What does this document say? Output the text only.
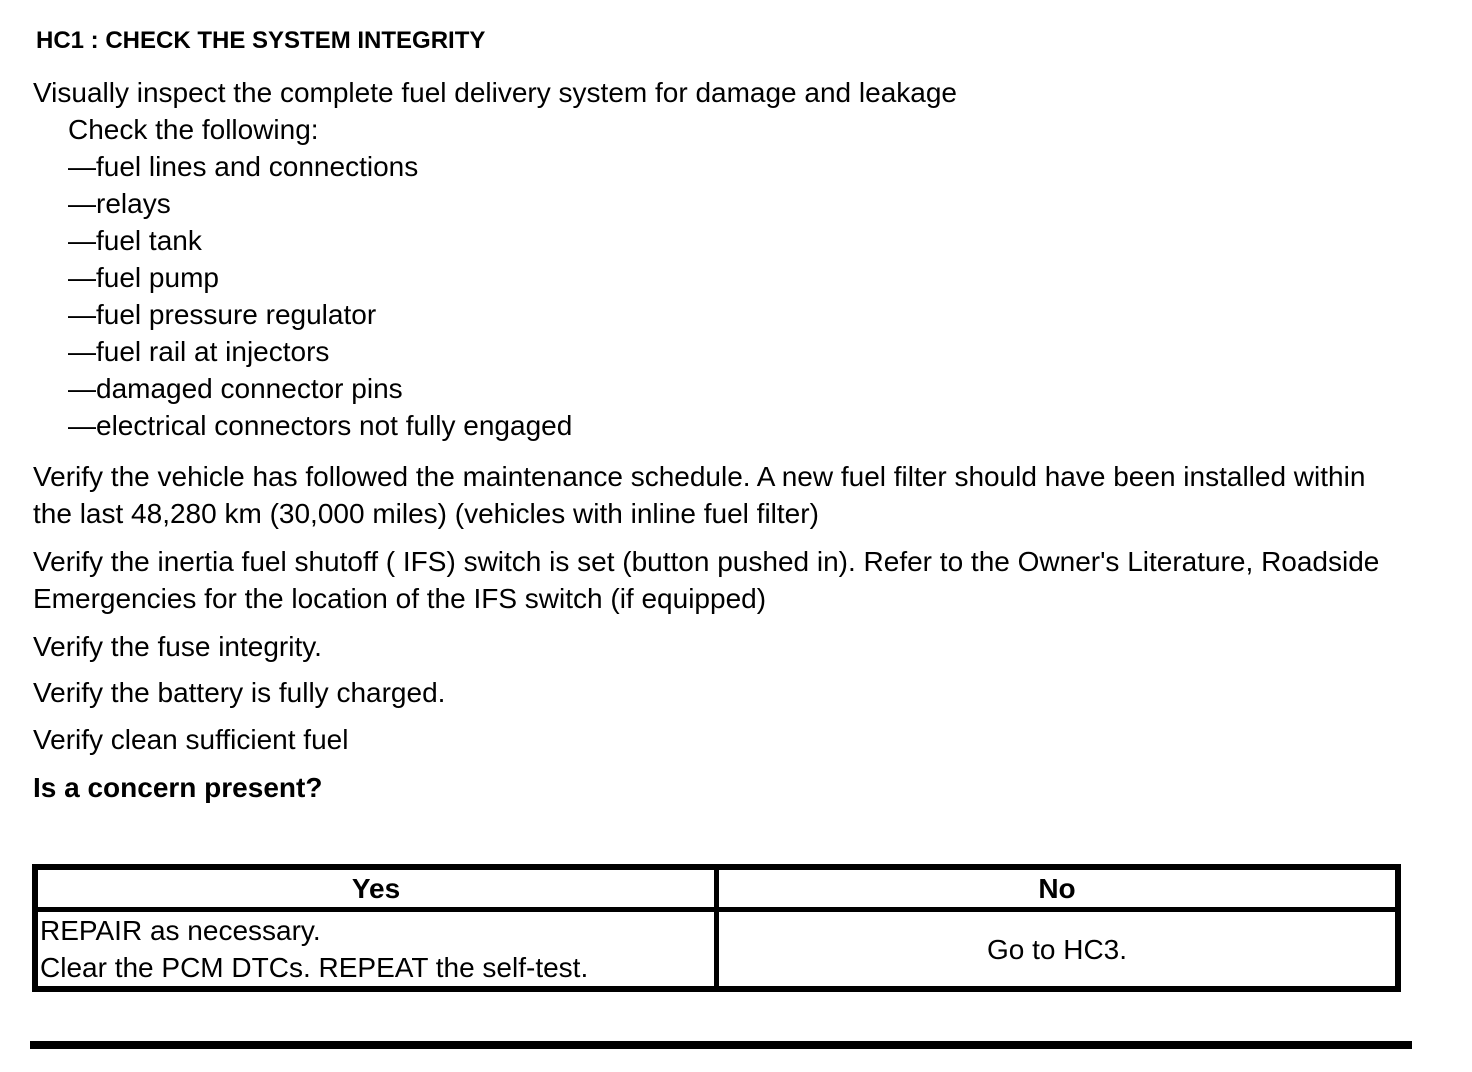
HC1 : CHECK THE SYSTEM INTEGRITY
Visually inspect the complete fuel delivery system for damage and leakage
Check the following:
—fuel lines and connections
—relays
—fuel tank
—fuel pump
—fuel pressure regulator
—fuel rail at injectors
—damaged connector pins
—electrical connectors not fully engaged
Verify the vehicle has followed the maintenance schedule. A new fuel filter should have been installed within the last 48,280 km (30,000 miles) (vehicles with inline fuel filter)
Verify the inertia fuel shutoff ( IFS) switch is set (button pushed in). Refer to the Owner's Literature, Roadside Emergencies for the location of the IFS switch (if equipped)
Verify the fuse integrity.
Verify the battery is fully charged.
Verify clean sufficient fuel
Is a concern present?
Yes	No

REPAIR as necessary.
Clear the PCM DTCs. REPEAT the self-test.	Go to HC3.
